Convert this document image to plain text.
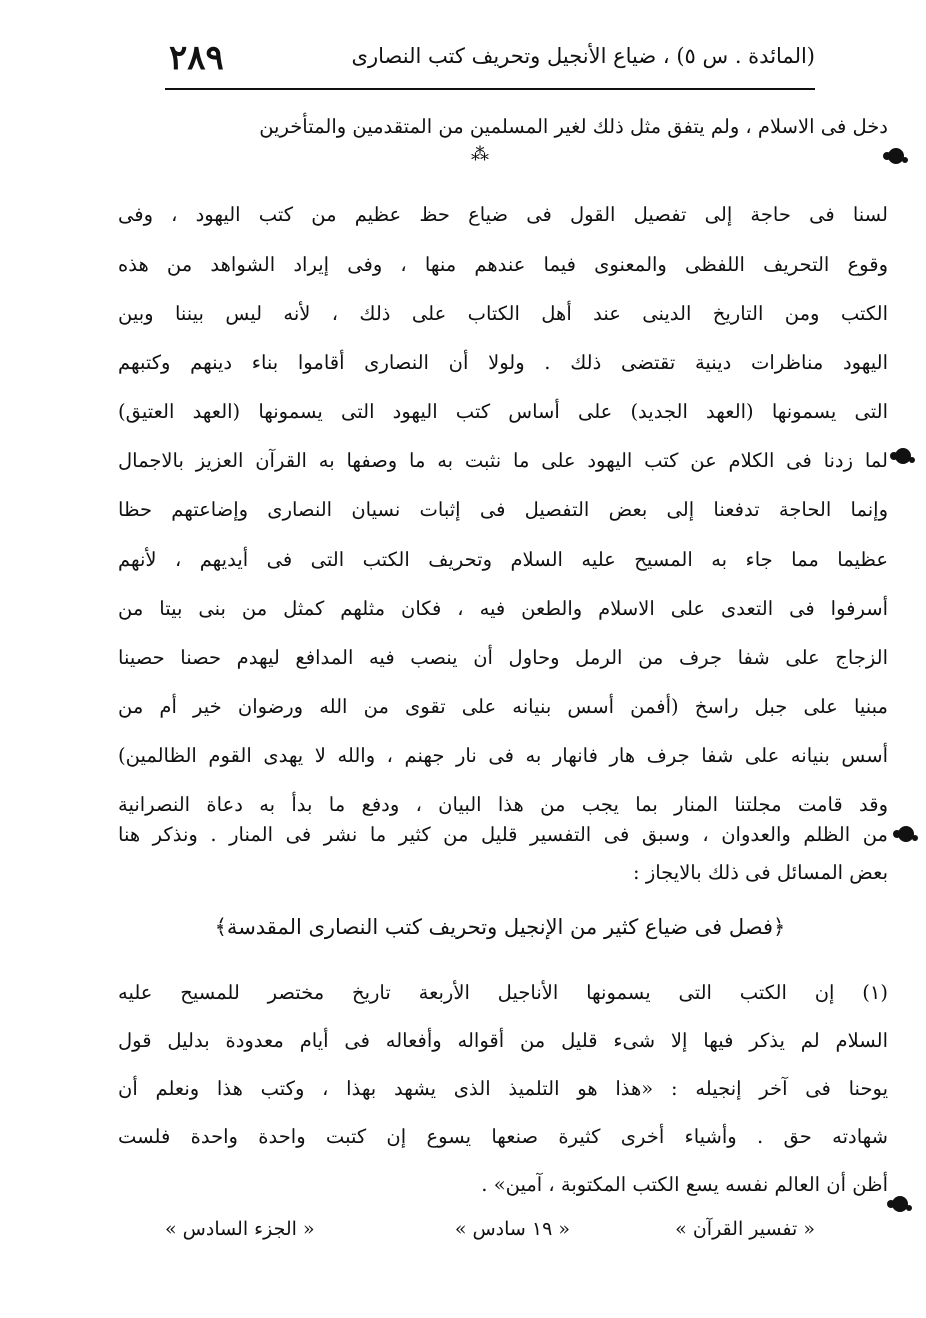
(المائدة . س ٥) ، ضياع الأنجيل وتحريف كتب النصارى
٢٨٩
دخل فى الاسلام ، ولم يتفق مثل ذلك لغير المسلمين من المتقدمين والمتأخرين
⁂
لسنا فى حاجة إلى تفصيل القول فى ضياع حظ عظيم من كتب اليهود ، وفى
وقوع التحريف اللفظى والمعنوى فيما عندهم منها ، وفى إيراد الشواهد من هذه
الكتب ومن التاريخ الدينى عند أهل الكتاب على ذلك ، لأنه ليس بيننا وبين
اليهود مناظرات دينية تقتضى ذلك . ولولا أن النصارى أقاموا بناء دينهم وكتبهم
التى يسمونها (العهد الجديد) على أساس كتب اليهود التى يسمونها (العهد العتيق)
لما زدنا فى الكلام عن كتب اليهود على ما نثبت به ما وصفها به القرآن العزيز بالاجمال
وإنما الحاجة تدفعنا إلى بعض التفصيل فى إثبات نسيان النصارى وإضاعتهم حظا
عظيما مما جاء به المسيح عليه السلام وتحريف الكتب التى فى أيديهم ، لأنهم
أسرفوا فى التعدى على الاسلام والطعن فيه ، فكان مثلهم كمثل من بنى بيتا من
الزجاج على شفا جرف من الرمل وحاول أن ينصب فيه المدافع ليهدم حصنا حصينا
مبنيا على جبل راسخ (أفمن أسس بنيانه على تقوى من الله ورضوان خير أم من
أسس بنيانه على شفا جرف هار فانهار به فى نار جهنم ، والله لا يهدى القوم الظالمين)
وقد قامت مجلتنا المنار بما يجب من هذا البيان ، ودفع ما بدأ به دعاة النصرانية
من الظلم والعدوان ، وسبق فى التفسير قليل من كثير ما نشر فى المنار . ونذكر هنا
بعض المسائل فى ذلك بالايجاز :
﴿فصل فى ضياع كثير من الإنجيل وتحريف كتب النصارى المقدسة﴾
(١) إن الكتب التى يسمونها الأناجيل الأربعة تاريخ مختصر للمسيح عليه
السلام لم يذكر فيها إلا شىء قليل من أقواله وأفعاله فى أيام معدودة بدليل قول
يوحنا فى آخر إنجيله : «هذا هو التلميذ الذى يشهد بهذا ، وكتب هذا ونعلم أن
شهادته حق . وأشياء أخرى كثيرة صنعها يسوع إن كتبت واحدة واحدة فلست
أظن أن العالم نفسه يسع الكتب المكتوبة ، آمين» .
« تفسير القرآن »
« ١٩ سادس »
« الجزء السادس »
